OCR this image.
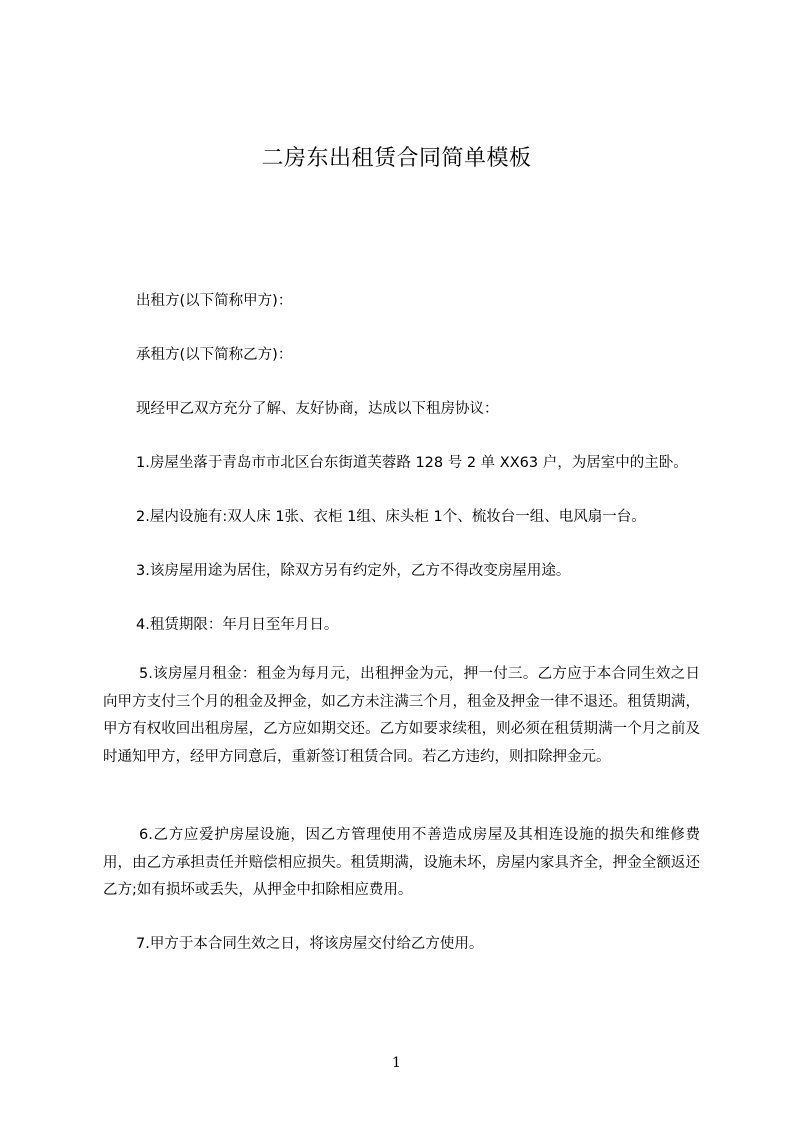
二房东出租赁合同简单模板
出租方(以下简称甲方)：
承租方(以下简称乙方)：
现经甲乙双方充分了解、友好协商，达成以下租房协议：
1.房屋坐落于青岛市市北区台东街道芙蓉路 128 号 2 单 XX63 户，为居室中的主卧。
2.屋内设施有:双人床 1张、衣柜 1组、床头柜 1个、梳妆台一组、电风扇一台。
3.该房屋用途为居住，除双方另有约定外，乙方不得改变房屋用途。
4.租赁期限：年月日至年月日。
5.该房屋月租金：租金为每月元，出租押金为元，押一付三。乙方应于本合同生效之日向甲方支付三个月的租金及押金，如乙方未注满三个月，租金及押金一律不退还。租赁期满，甲方有权收回出租房屋，乙方应如期交还。乙方如要求续租，则必须在租赁期满一个月之前及时通知甲方，经甲方同意后，重新签订租赁合同。若乙方违约，则扣除押金元。
6.乙方应爱护房屋设施，因乙方管理使用不善造成房屋及其相连设施的损失和维修费用，由乙方承担责任并赔偿相应损失。租赁期满，设施未坏，房屋内家具齐全，押金全额返还乙方;如有损坏或丢失，从押金中扣除相应费用。
7.甲方于本合同生效之日，将该房屋交付给乙方使用。
1
